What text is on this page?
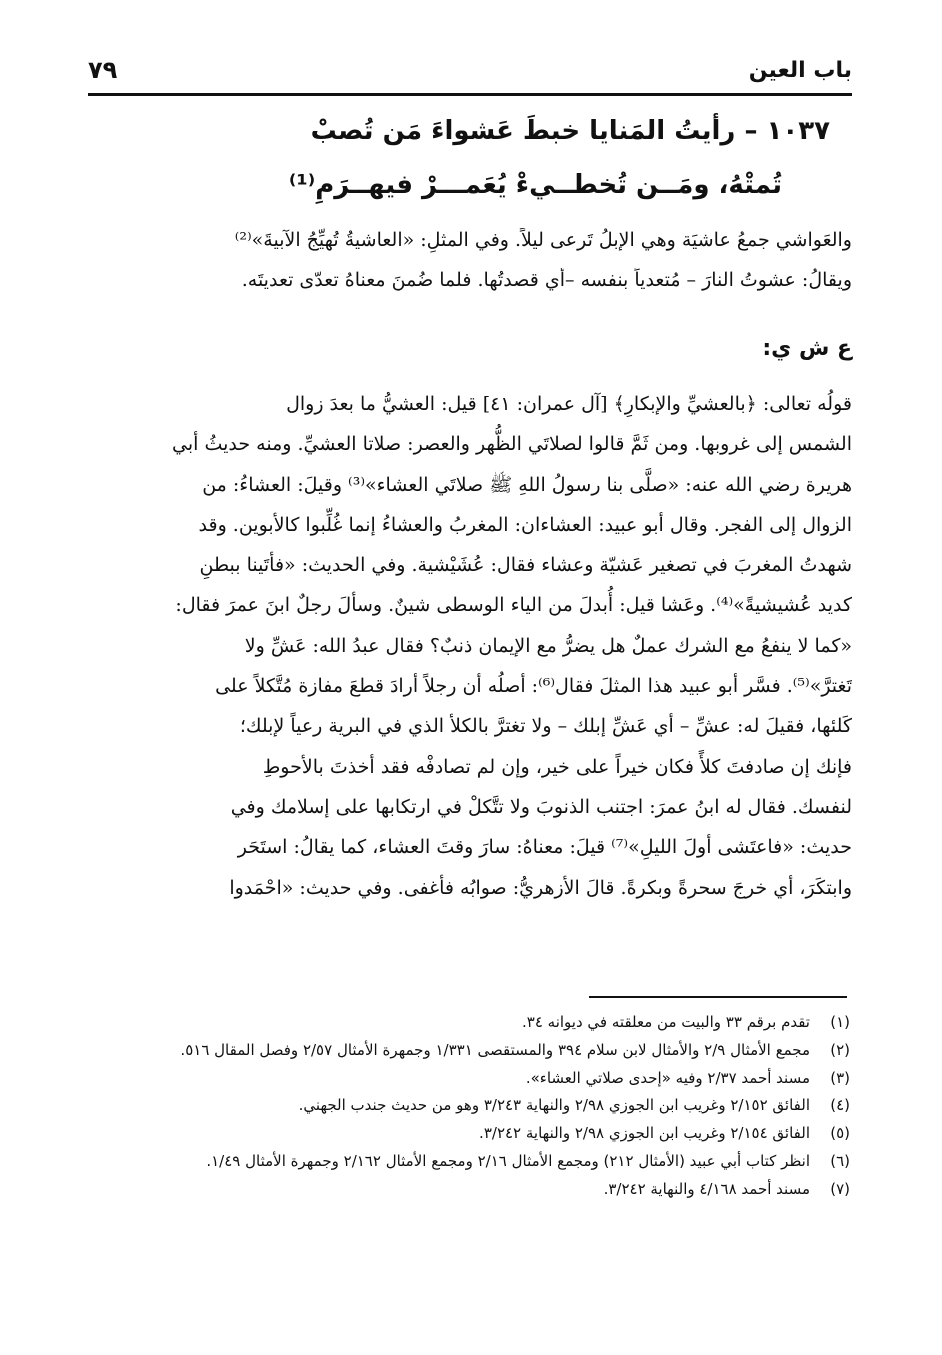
باب العين
٧٩
١٠٣٧ – رأيتُ المَنايا خبطَ عَشواءَ مَن تُصبْ
تُمتْهُ، ومَــن تُخطــيءْ يُعَمـــرْ فيهــرَمِ⁽¹⁾
والعَواشي جمعُ عاشيَة وهي الإبلُ تَرعى ليلاً. وفي المثلِ: «العاشيةُ تُهيِّجُ الآبيةَ»⁽²⁾
ويقالُ: عشوتُ النارَ – مُتعدياً بنفسه –أي قصدتُها. فلما ضُمنَ معناهُ تعدّى تعديتَه.
ع ش ي:
قولُه تعالى: ﴿بالعشيِّ والإبكارِ﴾ [آل عمران: ٤١] قيل: العشيُّ ما بعدَ زوال
الشمس إلى غروبها. ومن ثَمَّ قالوا لصلاتَي الظُّهر والعصر: صلاتا العشيِّ. ومنه حديثُ أبي
هريرة رضي الله عنه: «صلَّى بنا رسولُ اللهِ ﷺ صلاتَي العشاء»⁽³⁾ وقيلَ: العشاءُ: من
الزوال إلى الفجر. وقال أبو عبيد: العشاءان: المغربُ والعشاءُ إنما غُلِّبوا كالأبوين. وقد
شهدتُ المغربَ في تصغير عَشيّة وعشاء فقال: عُشَيْشية. وفي الحديث: «فأتَينا ببطنِ
كديد عُشيشيةً»⁽⁴⁾. وعَشا قيل: أُبدلَ من الياء الوسطى شينٌ. وسألَ رجلٌ ابنَ عمرَ فقال:
«كما لا ينفعُ مع الشرك عملٌ هل يضرُّ مع الإيمان ذنبٌ؟ فقال عبدُ الله: عَشِّ ولا
تَغترَّ»⁽⁵⁾. فسَّر أبو عبيد هذا المثلَ فقال⁽⁶⁾: أصلُه أن رجلاً أرادَ قطعَ مفازة مُتَّكلاً على
كَلئها، فقيلَ له: عشِّ – أي عَشِّ إبلك – ولا تغترَّ بالكلأ الذي في البرية رعياً لإبلك؛
فإنك إن صادفتَ كلأً فكان خيراً على خير، وإن لم تصادفْه فقد أخذتَ بالأحوطِ
لنفسك. فقال له ابنُ عمرَ: اجتنب الذنوبَ ولا تتَّكلْ في ارتكابها على إسلامك وفي
حديث: «فاعتَشى أولَ الليلِ»⁽⁷⁾ قيلَ: معناهُ: سارَ وقتَ العشاء، كما يقالُ: استَحَر
وابتكَرَ، أي خرجَ سحرةً وبكرةً. قالَ الأزهريُّ: صوابُه فأغفى. وفي حديث: «احْمَدوا
(١)
تقدم برقم ٣٣ والبيت من معلقته في ديوانه ٣٤.
(٢)
مجمع الأمثال ٢/٩ والأمثال لابن سلام ٣٩٤ والمستقصى ١/٣٣١ وجمهرة الأمثال ٢/٥٧ وفصل المقال ٥١٦.
(٣)
مسند أحمد ٢/٣٧ وفيه «إحدى صلاتي العشاء».
(٤)
الفائق ٢/١٥٢ وغريب ابن الجوزي ٢/٩٨ والنهاية ٣/٢٤٣ وهو من حديث جندب الجهني.
(٥)
الفائق ٢/١٥٤ وغريب ابن الجوزي ٢/٩٨ والنهاية ٣/٢٤٢.
(٦)
انظر كتاب أبي عبيد (الأمثال ٢١٢) ومجمع الأمثال ٢/١٦ ومجمع الأمثال ٢/١٦٢ وجمهرة الأمثال ١/٤٩.
(٧)
مسند أحمد ٤/١٦٨ والنهاية ٣/٢٤٢.
